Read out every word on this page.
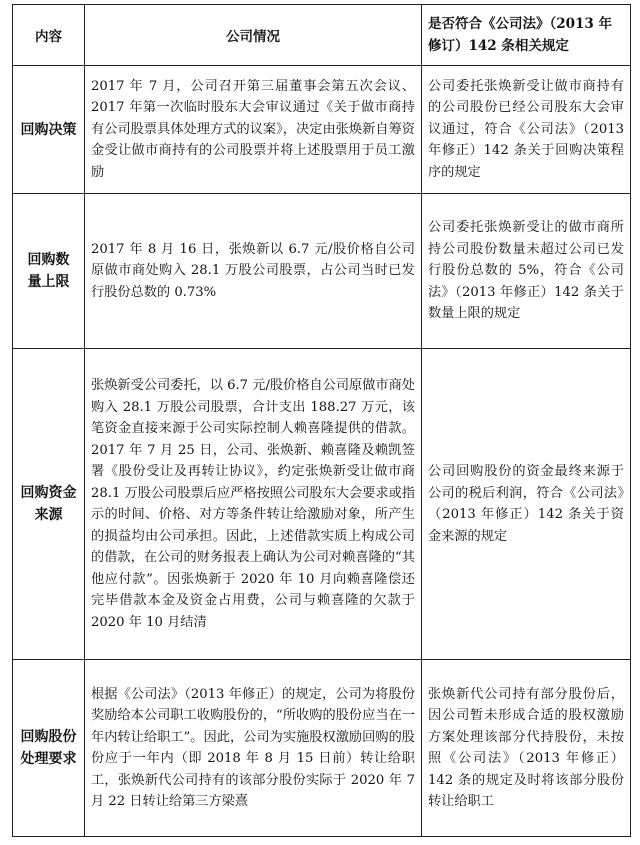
内容	公司情况	是否符合《公司法》（2013 年修订）142 条相关规定

回购决策	2017 年 7 月，公司召开第三届董事会第五次会议、2017 年第一次临时股东大会审议通过《关于做市商持有公司股票具体处理方式的议案》，决定由张焕新自筹资金受让做市商持有的公司股票并将上述股票用于员工激励	公司委托张焕新受让做市商持有的公司股份已经公司股东大会审议通过，符合《公司法》（2013 年修正）142 条关于回购决策程序的规定
回购数量上限	2017 年 8 月 16 日，张焕新以 6.7 元/股价格自公司原做市商处购入 28.1 万股公司股票，占公司当时已发行股份总数的 0.73%	公司委托张焕新受让的做市商所持公司股份数量未超过公司已发行股份总数的 5%，符合《公司法》（2013 年修正）142 条关于数量上限的规定
回购资金来源	张焕新受公司委托，以 6.7 元/股价格自公司原做市商处购入 28.1 万股公司股票，合计支出 188.27 万元，该笔资金直接来源于公司实际控制人赖喜隆提供的借款。2017 年 7 月 25 日，公司、张焕新、赖喜隆及赖凯签署《股份受让及再转让协议》，约定张焕新受让做市商 28.1 万股公司股票后应严格按照公司股东大会要求或指示的时间、价格、对方等条件转让给激励对象，所产生的损益均由公司承担。因此，上述借款实质上构成公司的借款，在公司的财务报表上确认为公司对赖喜隆的“其他应付款”。因张焕新于 2020 年 10 月向赖喜隆偿还完毕借款本金及资金占用费，公司与赖喜隆的欠款于 2020 年 10 月结清	公司回购股份的资金最终来源于公司的税后利润，符合《公司法》（2013 年修正）142 条关于资金来源的规定
回购股份处理要求	根据《公司法》（2013 年修正）的规定，公司为将股份奖励给本公司职工收购股份的，“所收购的股份应当在一年内转让给职工”。因此，公司为实施股权激励回购的股份应于一年内（即 2018 年 8 月 15 日前）转让给职工，张焕新代公司持有的该部分股份实际于 2020 年 7 月 22 日转让给第三方梁熹	张焕新代公司持有部分股份后，因公司暂未形成合适的股权激励方案处理该部分代持股份，未按照《公司法》（2013 年修正）142 条的规定及时将该部分股份转让给职工
